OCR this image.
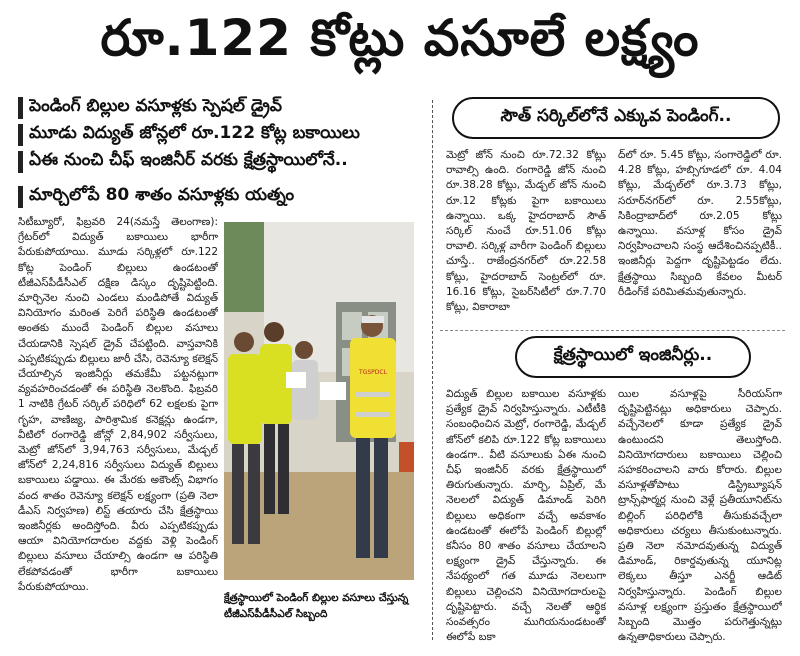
రూ.122 కోట్లు వసూలే లక్ష్యం
పెండింగ్ బిల్లుల వసూళ్లకు స్పెషల్ డ్రైవ్
మూడు విద్యుత్ జోన్లలో రూ.122 కోట్ల బకాయిలు
ఏఈ నుంచి చీఫ్ ఇంజినీర్ వరకు క్షేత్రస్థాయిలోనే..
మార్చిలోపే 80 శాతం వసూళ్లకు యత్నం

సిటీబ్యూరో, ఫిబ్రవరి 24(నమస్తే తెలంగాణ): గ్రేటర్‌లో విద్యుత్ బకాయిలు భారీగా పేరుకుపోయాయి. మూడు సర్కిళ్లలో రూ.122 కోట్ల పెండింగ్ బిల్లులు ఉండటంతో టీజీఎస్‌పీడీసీఎల్ దక్షిణ డిస్కం దృష్టిపెట్టింది. మార్చినెల నుంచి ఎండలు మండిపోతే విద్యుత్ వినియోగం మరింత పెరిగే పరిస్థితి ఉండటంతో అంతకు ముందే పెండింగ్ బిల్లుల వసూలు చేయడానికి స్పెషల్ డ్రైవ్ చేపట్టింది. వాస్తవానికి ఎప్పటికప్పుడు బిల్లులు జారీ చేసి, రెవెన్యూ కలెక్షన్ చేయాల్సిన ఇంజినీర్లు తమకేమీ పట్టనట్లుగా వ్యవహరించడంతో ఈ పరిస్థితి నెలకొంది. ఫిబ్రవరి 1 నాటికి గ్రేటర్ సర్కిల్ పరిధిలో 62 లక్షలకు పైగా గృహ, వాణిజ్య, పారిశ్రామిక కనెక్షన్లు ఉండగా, వీటిలో రంగారెడ్డి జోన్లో 2,84,902 సర్వీసులు, మెట్రో జోన్‌లో 3,94,763 సర్వీసులు, మేడ్చల్ జోన్‌లో 2,24,816 సర్వీసులు విద్యుత్ బిల్లులు బకాయిలు పడ్డాయి. ఈ మేరకు అకౌంట్స్ విభాగం వంద శాతం రెవెన్యూ కలెక్షన్ లక్ష్యంగా (ప్రతి నెలా డీఎస్ నిర్వహణ) లిస్ట్ తయారు చేసి క్షేత్రస్థాయి ఇంజినీర్లకు అందిస్తోంది. వీరు ఎప్పటికప్పుడు ఆయా వినియోగదారుల వద్దకు వెళ్లి పెండింగ్ బిల్లులు వసూలు చేయాల్సి ఉండగా ఆ పరిస్థితి లేకపోవడంతో భారీగా బకాయిలు పేరుకుపోయాయి.

TGSPDCL
క్షేత్రస్థాయిలో పెండింగ్ బిల్లుల వసూలు చేస్తున్న టీజీఎస్‌పీడీసీఎల్ సిబ్బంది
సౌత్ సర్కిల్‌లోనే ఎక్కువ పెండింగ్..

మెట్రో జోన్ నుంచి రూ.72.32 కోట్లు రావాల్సి ఉంది. రంగారెడ్డి జోన్ నుంచి రూ.38.28 కోట్లు, మేడ్చల్ జోన్ నుంచి రూ.12 కోట్లకు పైగా బకాయిలు ఉన్నాయి. ఒక్క హైదరాబాద్ సౌత్ సర్కిల్ నుంచే రూ.51.06 కోట్లు రావాలి. సర్కిళ్ల వారీగా పెండింగ్ బిల్లులు చూస్తే.. రాజేంద్రనగర్‌లో రూ.22.58 కోట్లు, హైదరాబాద్ సెంట్రల్‌లో రూ. 16.16 కోట్లు, సైబర్‌సిటీలో రూ.7.70 కోట్లు, వికారాబా

ద్‌లో రూ. 5.45 కోట్లు, సంగారెడ్డిలో రూ. 4.28 కోట్లు, హబ్సిగూడలో రూ. 4.04 కోట్లు, మేడ్చల్‌లో రూ.3.73 కోట్లు, సరూర్‌నగర్‌లో రూ. 2.55కోట్లు, సికింద్రాబాద్‌లో రూ.2.05 కోట్లు ఉన్నాయి. వసూళ్ల కోసం డ్రైవ్ నిర్వహించాలని సంస్థ ఆదేశించినప్పటికీ.. ఇంజినీర్లు పెద్దగా దృష్టిపెట్టడం లేదు. క్షేత్రస్థాయి సిబ్బంది కేవలం మీటర్ రీడింగ్‌కే పరిమితమవుతున్నారు.

క్షేత్రస్థాయిలో ఇంజినీర్లు..

విద్యుత్ బిల్లుల బకాయిల వసూళ్లకు ప్రత్యేక డ్రైవ్ నిర్వహిస్తున్నారు. ఎటీటీకి సంబంధించిన మెట్రో, రంగారెడ్డి, మేడ్చల్ జోన్‌లో కలిపి రూ.122 కోట్ల బకాయిలు ఉండగా.. వీటి వసూలుకు ఏఈ నుంచి చీఫ్ ఇంజినీర్ వరకు క్షేత్రస్థాయిలో తిరుగుతున్నారు. మార్చి, ఏప్రిల్, మే నెలలలో విద్యుత్ డిమాండ్ పెరిగి బిల్లులు అధికంగా వచ్చే అవకాశం ఉండటంతో ఈలోపే పెండింగ్ బిల్లుల్లో కనీసం 80 శాతం వసూలు చేయాలని లక్ష్యంగా డ్రైవ్ చేస్తున్నారు. ఈ నేపథ్యంలో గత మూడు నెలలుగా బిల్లులు చెల్లించని వినియోగదారులపై దృష్టిపెట్టారు. వచ్చే నెలతో ఆర్థిక సంవత్సరం ముగియనుండటంతో ఈలోపే బకా

యిల వసూళ్లపై సీరియస్‌గా దృష్టిపెట్టినట్లు అధికారులు చెప్పారు. వచ్చేనెలలో కూడా ప్రత్యేక డ్రైవ్ ఉంటుందని తెలుస్తోంది. వినియోగదారులు బకాయిలు చెల్లించి సహకరించాలని వారు కోరారు. బిల్లుల వసూళ్లతోపాటు డిస్ట్రిబ్యూషన్ ట్రాన్స్‌ఫార్మర్ల నుంచి వెళ్లే ప్రతీయూనిట్‌ను బిల్లింగ్ పరిధిలోకి తీసుకువచ్చేలా అధికారులు చర్యలు తీసుకుంటున్నారు. ప్రతి నెలా నమోదవుతున్న విద్యుత్ డిమాండ్, రికార్డవుతున్న యూనిట్ల లెక్కలు తీస్తూ ఎనర్జీ ఆడిట్ నిర్వహిస్తున్నారు. పెండింగ్ బిల్లుల వసూళ్ల లక్ష్యంగా ప్రస్తుతం క్షేత్రస్థాయిలో సిబ్బంది మొత్తం పరుగెత్తున్నట్లు ఉన్నతాధికారులు చెప్పారు.
